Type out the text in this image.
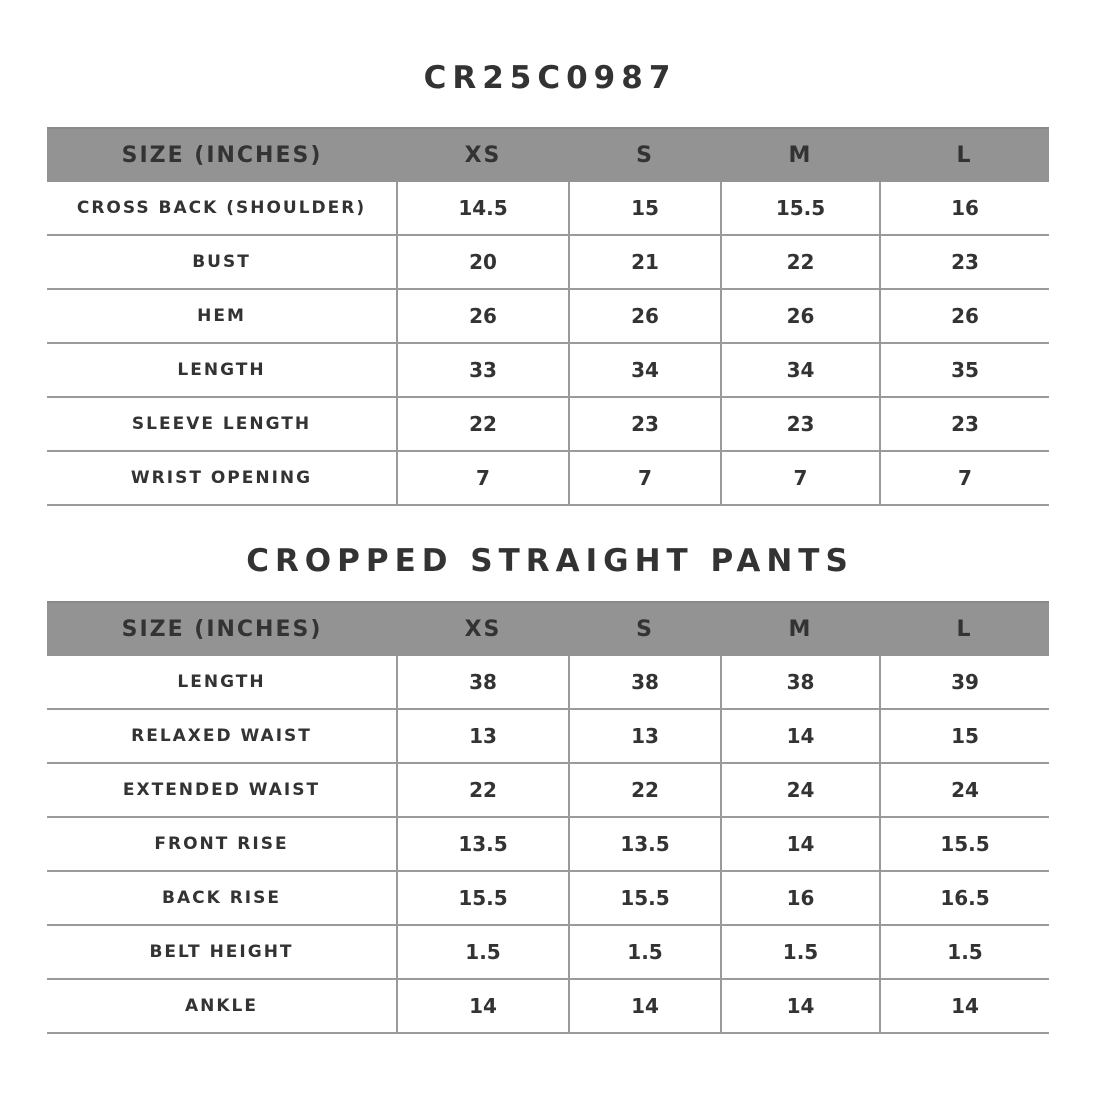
CR25C0987
SIZE (INCHES)	XS	S	M	L
CROSS BACK (SHOULDER)	14.5	15	15.5	16
BUST	20	21	22	23
HEM	26	26	26	26
LENGTH	33	34	34	35
SLEEVE LENGTH	22	23	23	23
WRIST OPENING	7	7	7	7
CROPPED STRAIGHT PANTS
SIZE (INCHES)	XS	S	M	L
LENGTH	38	38	38	39
RELAXED WAIST	13	13	14	15
EXTENDED WAIST	22	22	24	24
FRONT RISE	13.5	13.5	14	15.5
BACK RISE	15.5	15.5	16	16.5
BELT HEIGHT	1.5	1.5	1.5	1.5
ANKLE	14	14	14	14
